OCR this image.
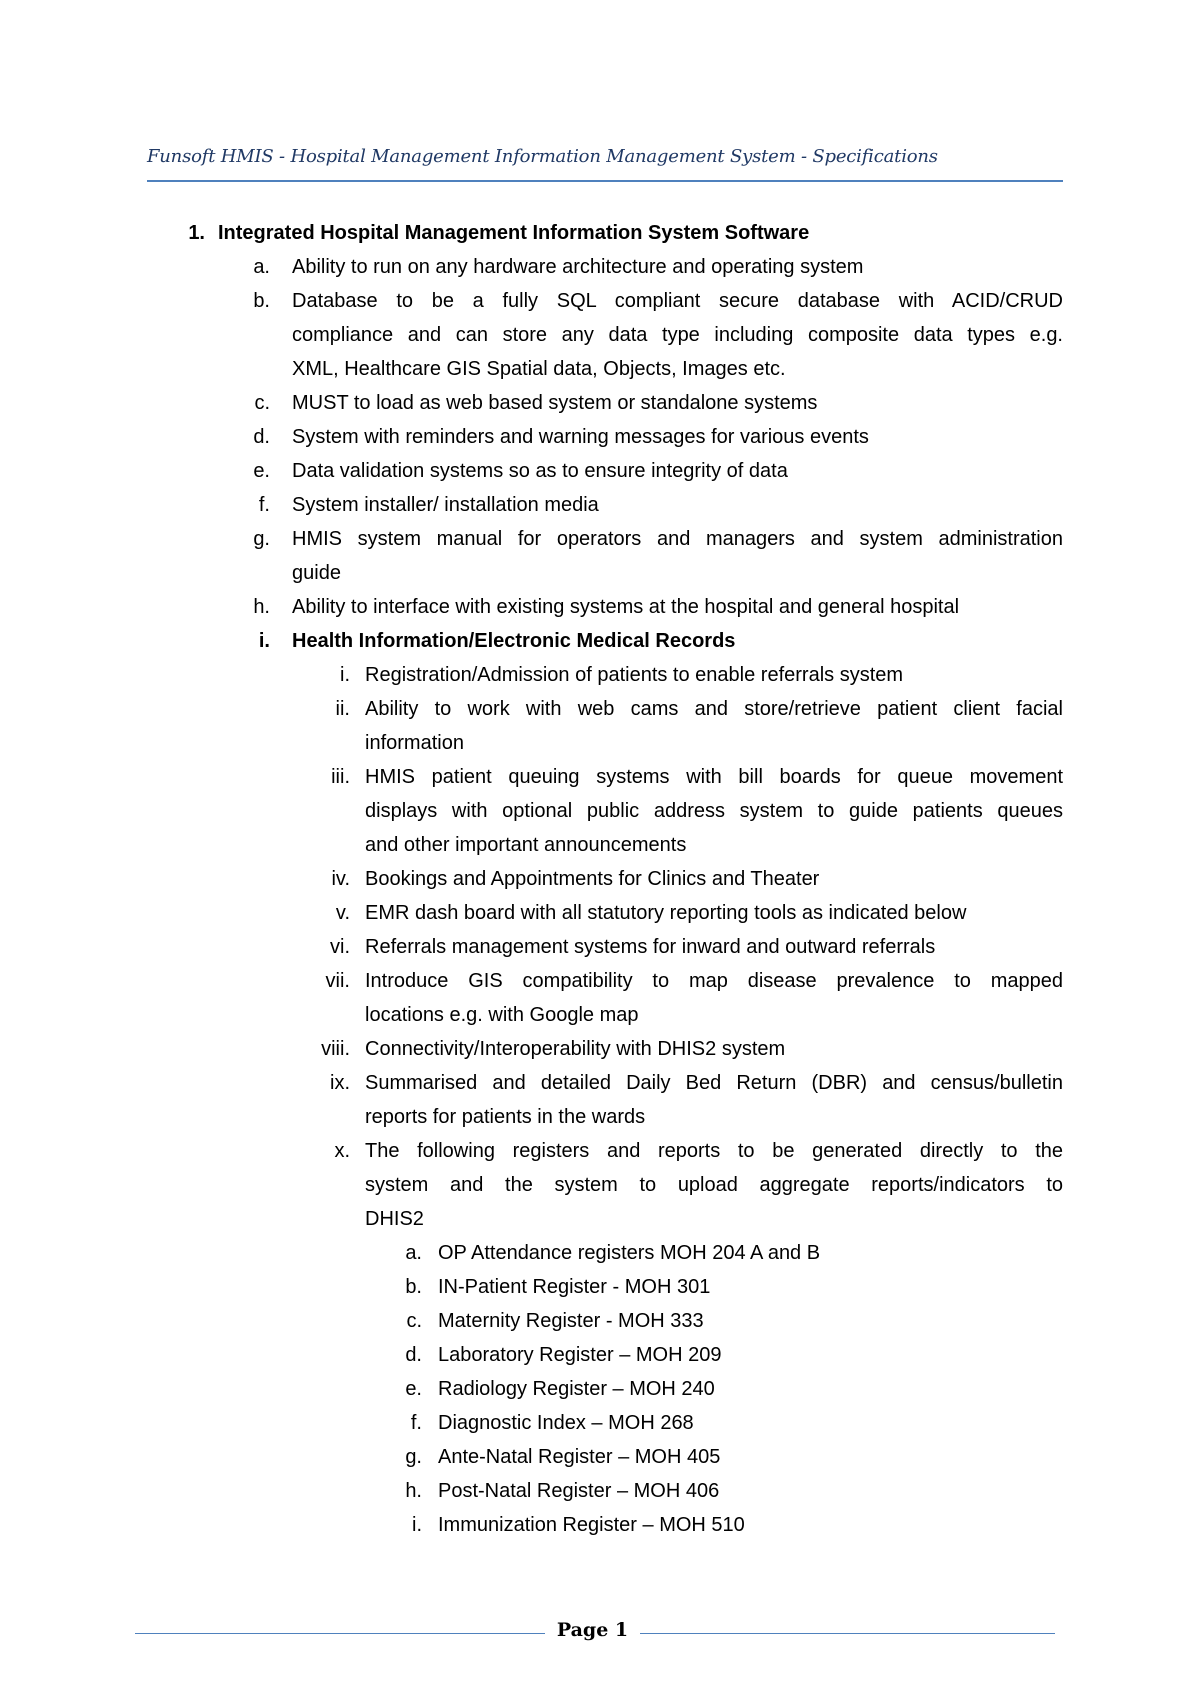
Funsoft HMIS - Hospital Management Information Management System - Specifications
1. Integrated Hospital Management Information System Software
a. Ability to run on any hardware architecture and operating system
b. Database to be a fully SQL compliant secure database with ACID/CRUD
compliance and can store any data type including composite data types e.g.
XML, Healthcare GIS Spatial data, Objects, Images etc.
c. MUST to load as web based system or standalone systems
d. System with reminders and warning messages for various events
e. Data validation systems so as to ensure integrity of data
f. System installer/ installation media
g. HMIS system manual for operators and managers and system administration
guide
h. Ability to interface with existing systems at the hospital and general hospital
i. Health Information/Electronic Medical Records
i. Registration/Admission of patients to enable referrals system
ii. Ability to work with web cams and store/retrieve patient client facial
information
iii. HMIS patient queuing systems with bill boards for queue movement
displays with optional public address system to guide patients queues
and other important announcements
iv. Bookings and Appointments for Clinics and Theater
v. EMR dash board with all statutory reporting tools as indicated below
vi. Referrals management systems for inward and outward referrals
vii. Introduce GIS compatibility to map disease prevalence to mapped
locations e.g. with Google map
viii. Connectivity/Interoperability with DHIS2 system
ix. Summarised and detailed Daily Bed Return (DBR) and census/bulletin
reports for patients in the wards
x. The following registers and reports to be generated directly to the
system and the system to upload aggregate reports/indicators to
DHIS2
a. OP Attendance registers MOH 204 A and B
b. IN-Patient Register - MOH 301
c. Maternity Register - MOH 333
d. Laboratory Register – MOH 209
e. Radiology Register – MOH 240
f. Diagnostic Index – MOH 268
g. Ante-Natal Register – MOH 405
h. Post-Natal Register – MOH 406
i. Immunization Register – MOH 510
Page 1
